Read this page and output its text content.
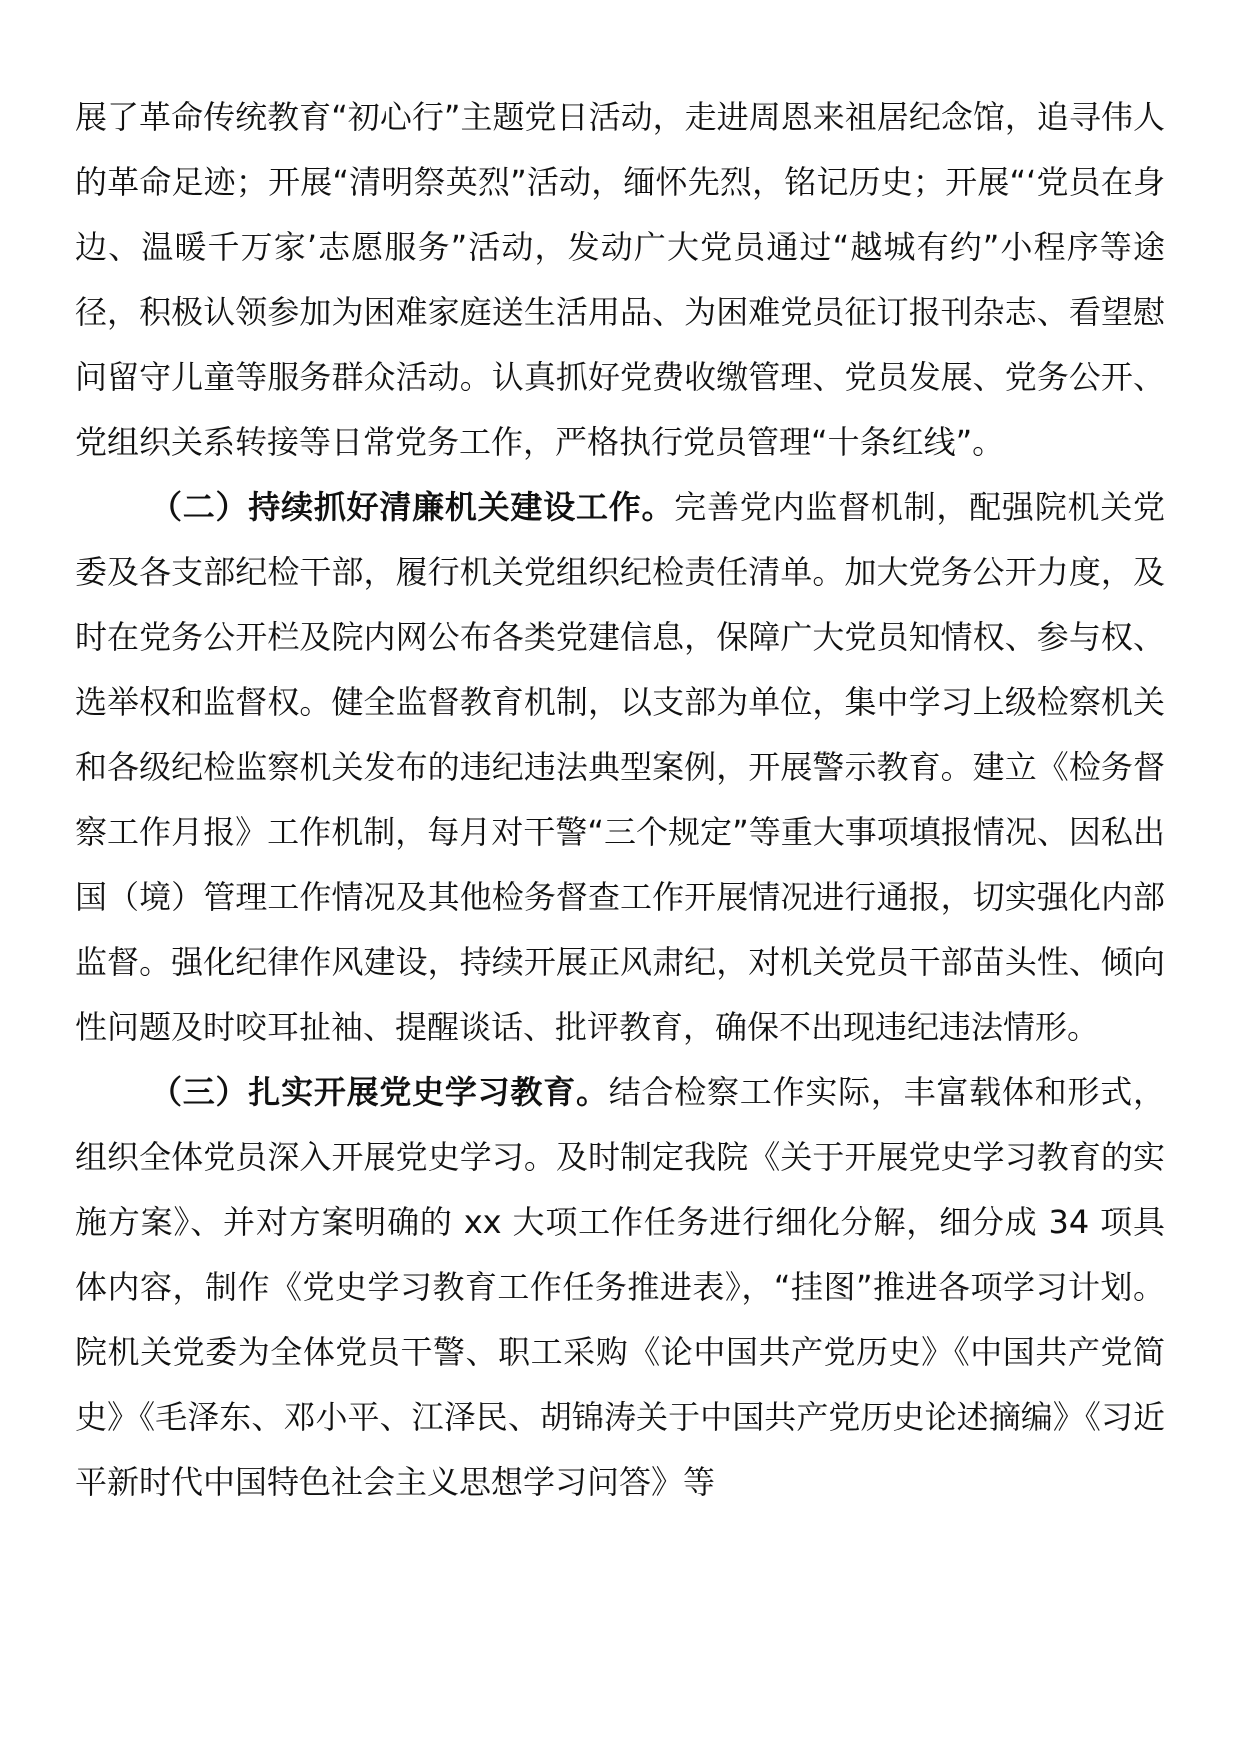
展了革命传统教育“初心行”主题党日活动，走进周恩来祖居纪念馆，追寻伟人的革命足迹；开展“清明祭英烈”活动，缅怀先烈，铭记历史；开展“‘党员在身边、温暖千万家’志愿服务”活动，发动广大党员通过“越城有约”小程序等途径，积极认领参加为困难家庭送生活用品、为困难党员征订报刊杂志、看望慰问留守儿童等服务群众活动。认真抓好党费收缴管理、党员发展、党务公开、党组织关系转接等日常党务工作，严格执行党员管理“十条红线”。

（二）持续抓好清廉机关建设工作。完善党内监督机制，配强院机关党委及各支部纪检干部，履行机关党组织纪检责任清单。加大党务公开力度，及时在党务公开栏及院内网公布各类党建信息，保障广大党员知情权、参与权、选举权和监督权。健全监督教育机制，以支部为单位，集中学习上级检察机关和各级纪检监察机关发布的违纪违法典型案例，开展警示教育。建立《检务督察工作月报》工作机制，每月对干警“三个规定”等重大事项填报情况、因私出国（境）管理工作情况及其他检务督查工作开展情况进行通报，切实强化内部监督。强化纪律作风建设，持续开展正风肃纪，对机关党员干部苗头性、倾向性问题及时咬耳扯袖、提醒谈话、批评教育，确保不出现违纪违法情形。

（三）扎实开展党史学习教育。结合检察工作实际，丰富载体和形式，组织全体党员深入开展党史学习。及时制定我院《关于开展党史学习教育的实施方案》、并对方案明确的 xx 大项工作任务进行细化分解，细分成 34 项具体内容，制作《党史学习教育工作任务推进表》，“挂图”推进各项学习计划。院机关党委为全体党员干警、职工采购《论中国共产党历史》《中国共产党简史》《毛泽东、邓小平、江泽民、胡锦涛关于中国共产党历史论述摘编》《习近平新时代中国特色社会主义思想学习问答》等
